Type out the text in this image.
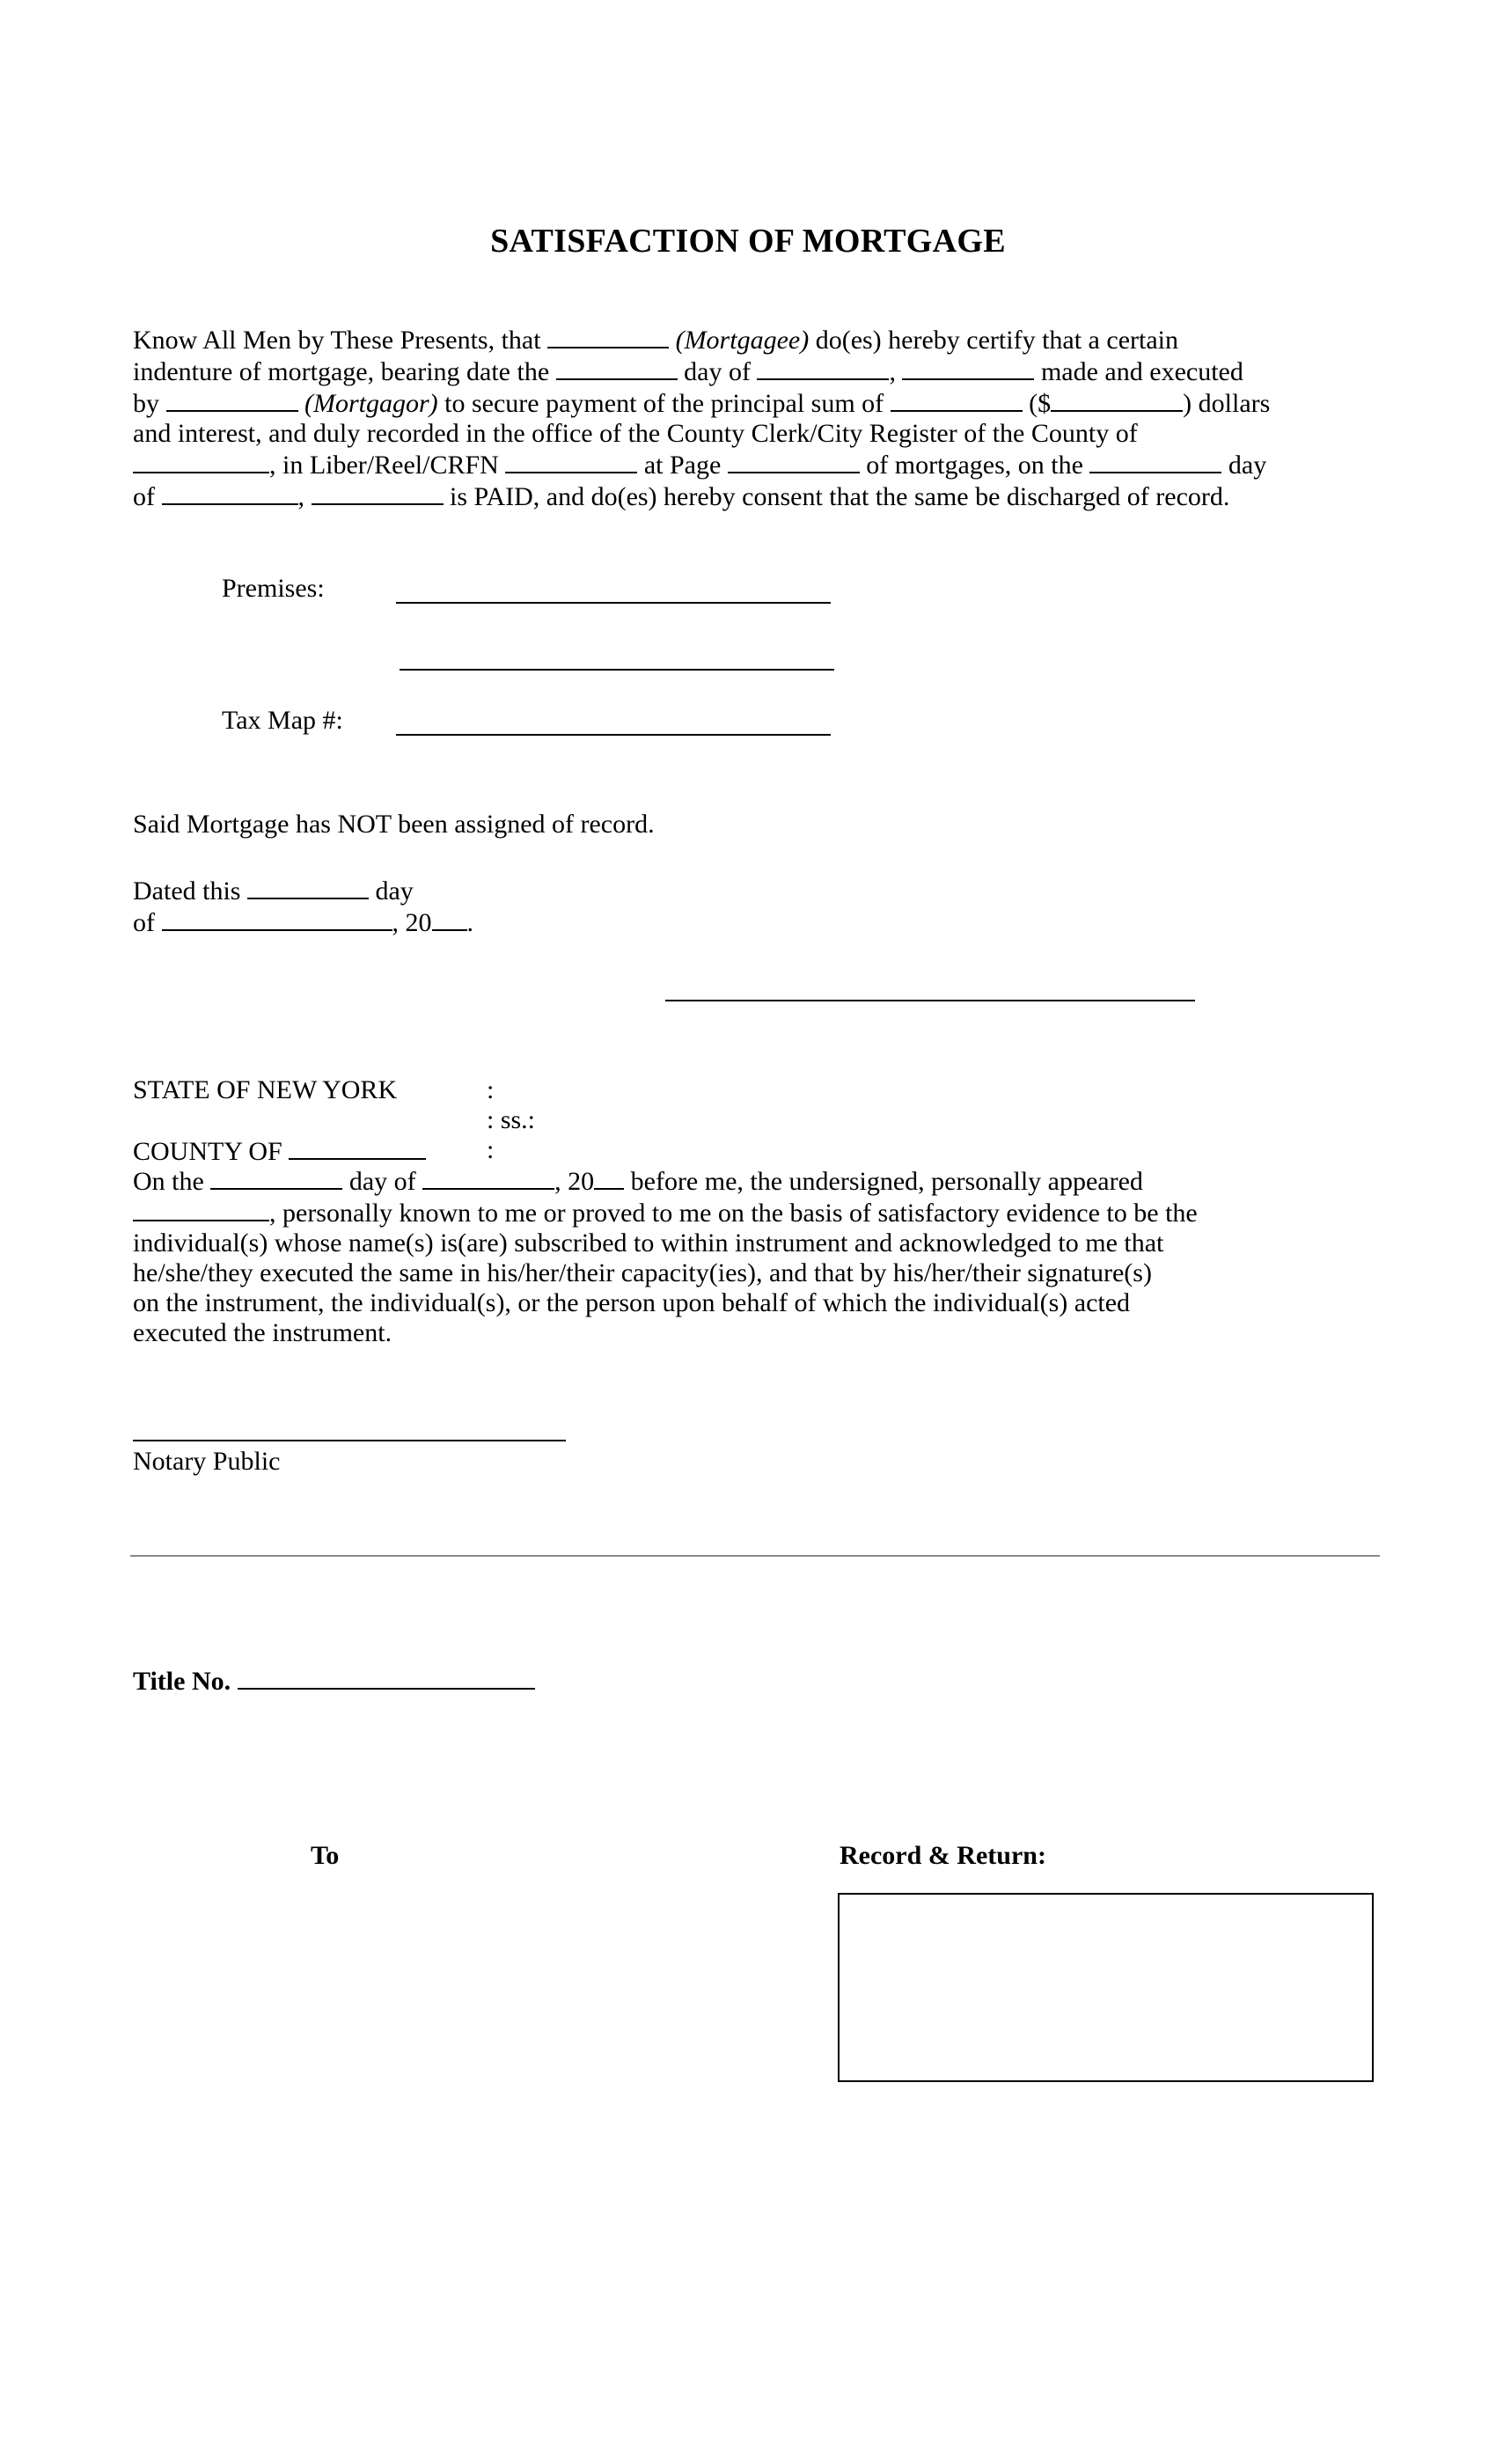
SATISFACTION OF MORTGAGE
Know All Men by These Presents, that	(Mortgagee) do(es) hereby certify that a certain
indenture of mortgage, bearing date the	day of	,	made and executed
by	(Mortgagor) to secure payment of the principal sum of	($	) dollars
and interest, and duly recorded in the office of the County Clerk/City Register of the County of
, in Liber/Reel/CRFN	at Page	of mortgages, on the	day
of	,	is PAID, and do(es) hereby consent that the same be discharged of record.
Premises:
Tax Map #:
Said Mortgage has NOT been assigned of record.
Dated this	day
of	, 20 .
STATE OF NEW YORK	:
: ss.:
COUNTY OF	:
On the	day of	, 20 before me, the undersigned, personally appeared
, personally known to me or proved to me on the basis of satisfactory evidence to be the
individual(s) whose name(s) is(are) subscribed to within instrument and acknowledged to me that
he/she/they executed the same in his/her/their capacity(ies), and that by his/her/their signature(s)
on the instrument, the individual(s), or the person upon behalf of which the individual(s) acted
executed the instrument.
Notary Public
Title No.
To	Record & Return:
